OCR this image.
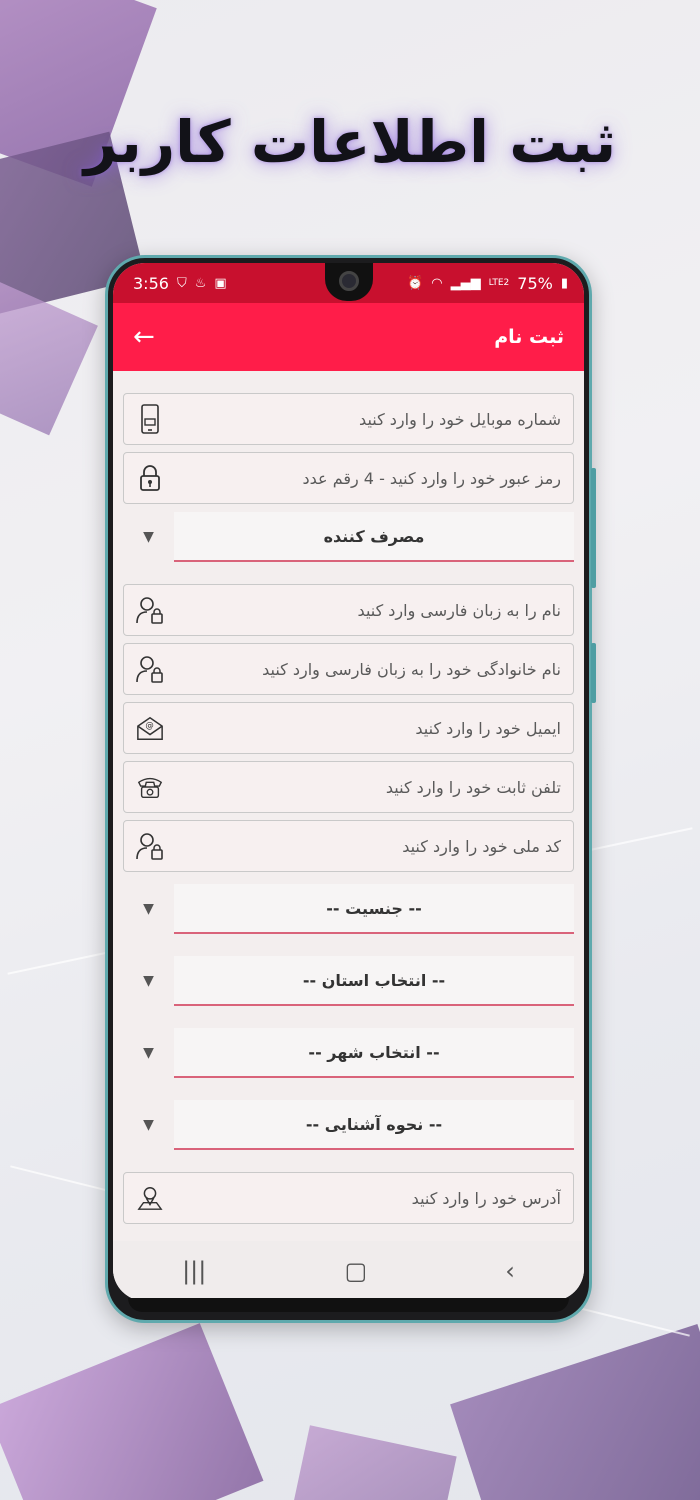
ثبت اطلاعات کاربر
3:56 ⛉ ♨ ▣	⏰ ◠ ▂▄▆ LTE2 75% ▮
←	ثبت نام
شماره موبایل خود را وارد کنید
رمز عبور خود را وارد کنید - 4 رقم عدد
▼	مصرف کننده
نام را به زبان فارسی وارد کنید
نام خانوادگی خود را به زبان فارسی وارد کنید
@
ایمیل خود را وارد کنید
تلفن ثابت خود را وارد کنید
کد ملی خود را وارد کنید
▼	-- جنسیت --
▼	-- انتخاب استان --
▼	-- انتخاب شهر --
▼	-- نحوه آشنایی --
آدرس خود را وارد کنید
|||	▢	‹
